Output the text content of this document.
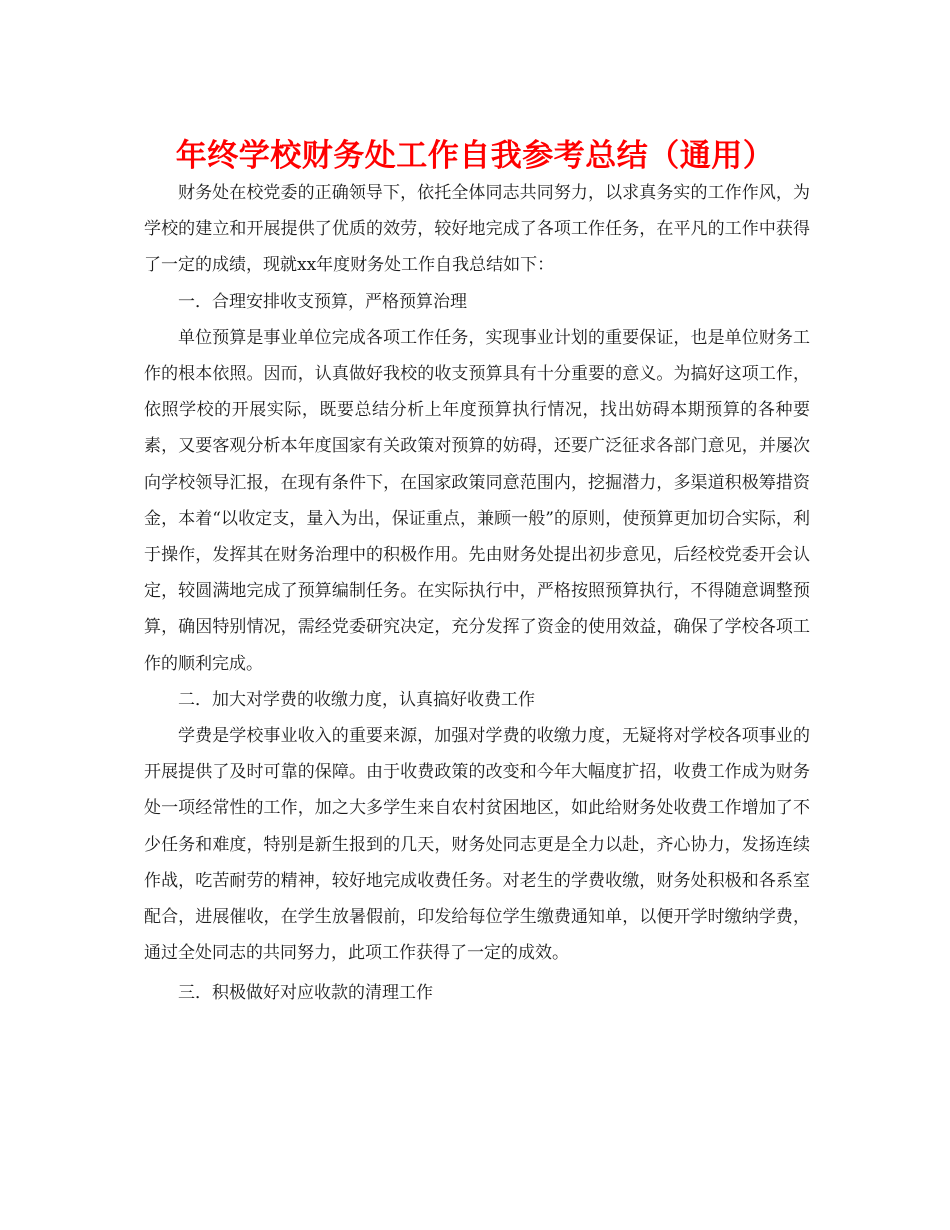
年终学校财务处工作自我参考总结（通用）

财务处在校党委的正确领导下，依托全体同志共同努力，以求真务实的工作作风，为学校的建立和开展提供了优质的效劳，较好地完成了各项工作任务，在平凡的工作中获得了一定的成绩，现就xx年度财务处工作自我总结如下：

一．合理安排收支预算，严格预算治理

单位预算是事业单位完成各项工作任务，实现事业计划的重要保证，也是单位财务工作的根本依照。因而，认真做好我校的收支预算具有十分重要的意义。为搞好这项工作，依照学校的开展实际，既要总结分析上年度预算执行情况，找出妨碍本期预算的各种要素，又要客观分析本年度国家有关政策对预算的妨碍，还要广泛征求各部门意见，并屡次向学校领导汇报，在现有条件下，在国家政策同意范围内，挖掘潜力，多渠道积极筹措资金，本着“以收定支，量入为出，保证重点，兼顾一般”的原则，使预算更加切合实际，利于操作，发挥其在财务治理中的积极作用。先由财务处提出初步意见，后经校党委开会认定，较圆满地完成了预算编制任务。在实际执行中，严格按照预算执行，不得随意调整预算，确因特别情况，需经党委研究决定，充分发挥了资金的使用效益，确保了学校各项工作的顺利完成。

二．加大对学费的收缴力度，认真搞好收费工作

学费是学校事业收入的重要来源，加强对学费的收缴力度，无疑将对学校各项事业的开展提供了及时可靠的保障。由于收费政策的改变和今年大幅度扩招，收费工作成为财务处一项经常性的工作，加之大多学生来自农村贫困地区，如此给财务处收费工作增加了不少任务和难度，特别是新生报到的几天，财务处同志更是全力以赴，齐心协力，发扬连续作战，吃苦耐劳的精神，较好地完成收费任务。对老生的学费收缴，财务处积极和各系室配合，进展催收，在学生放暑假前，印发给每位学生缴费通知单，以便开学时缴纳学费，通过全处同志的共同努力，此项工作获得了一定的成效。

三．积极做好对应收款的清理工作
